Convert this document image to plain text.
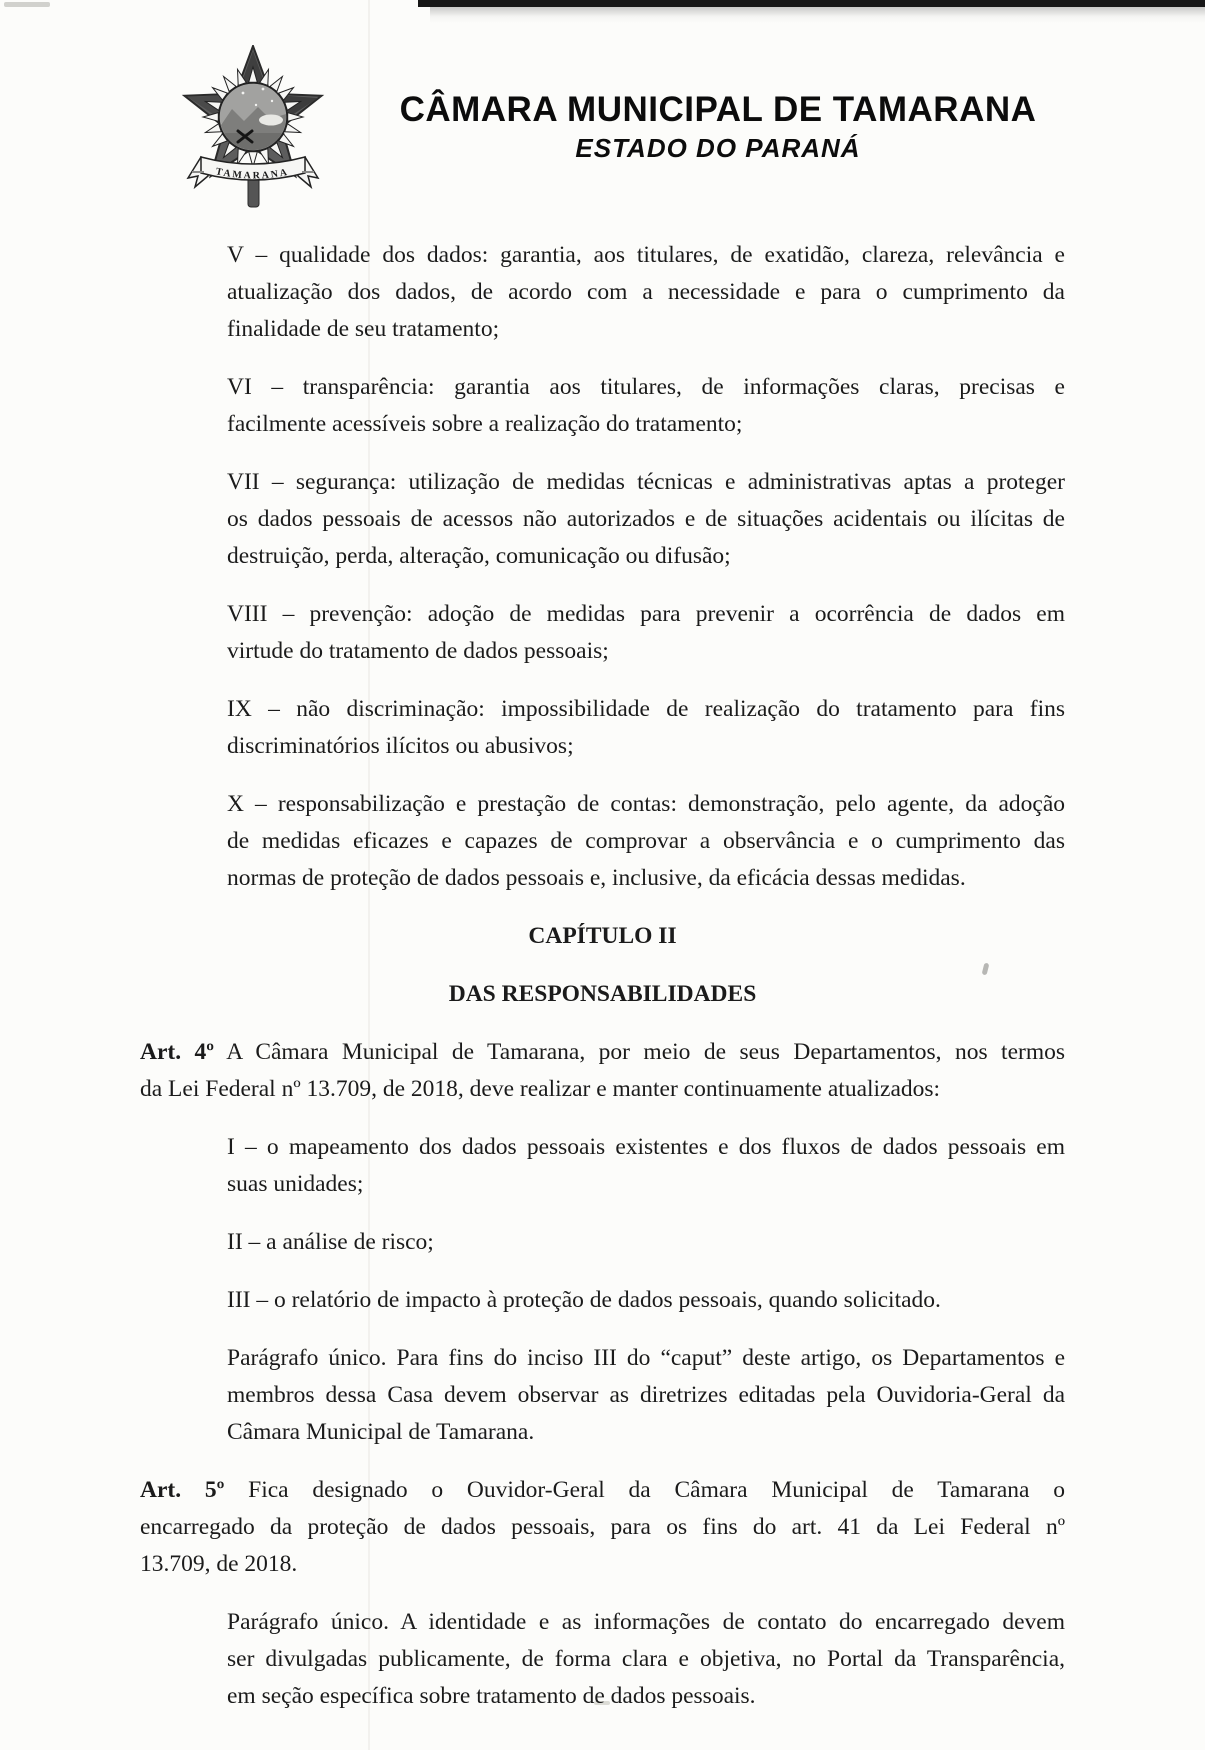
TAMARANA
CÂMARA MUNICIPAL DE TAMARANA
ESTADO DO PARANÁ
V – qualidade dos dados: garantia, aos titulares, de exatidão, clareza, relevância e
atualização dos dados, de acordo com a necessidade e para o cumprimento da
finalidade de seu tratamento;
VI – transparência: garantia aos titulares, de informações claras, precisas e
facilmente acessíveis sobre a realização do tratamento;
VII – segurança: utilização de medidas técnicas e administrativas aptas a proteger
os dados pessoais de acessos não autorizados e de situações acidentais ou ilícitas de
destruição, perda, alteração, comunicação ou difusão;
VIII – prevenção: adoção de medidas para prevenir a ocorrência de dados em
virtude do tratamento de dados pessoais;
IX – não discriminação: impossibilidade de realização do tratamento para fins
discriminatórios ilícitos ou abusivos;
X – responsabilização e prestação de contas: demonstração, pelo agente, da adoção
de medidas eficazes e capazes de comprovar a observância e o cumprimento das
normas de proteção de dados pessoais e, inclusive, da eficácia dessas medidas.
CAPÍTULO II
DAS RESPONSABILIDADES
Art. 4º A Câmara Municipal de Tamarana, por meio de seus Departamentos, nos termos
da Lei Federal nº 13.709, de 2018, deve realizar e manter continuamente atualizados:
I – o mapeamento dos dados pessoais existentes e dos fluxos de dados pessoais em
suas unidades;
II – a análise de risco;
III – o relatório de impacto à proteção de dados pessoais, quando solicitado.
Parágrafo único. Para fins do inciso III do “caput” deste artigo, os Departamentos e
membros dessa Casa devem observar as diretrizes editadas pela Ouvidoria-Geral da
Câmara Municipal de Tamarana.
Art. 5º Fica designado o Ouvidor-Geral da Câmara Municipal de Tamarana o
encarregado da proteção de dados pessoais, para os fins do art. 41 da Lei Federal nº
13.709, de 2018.
Parágrafo único. A identidade e as informações de contato do encarregado devem
ser divulgadas publicamente, de forma clara e objetiva, no Portal da Transparência,
em seção específica sobre tratamento de dados pessoais.
